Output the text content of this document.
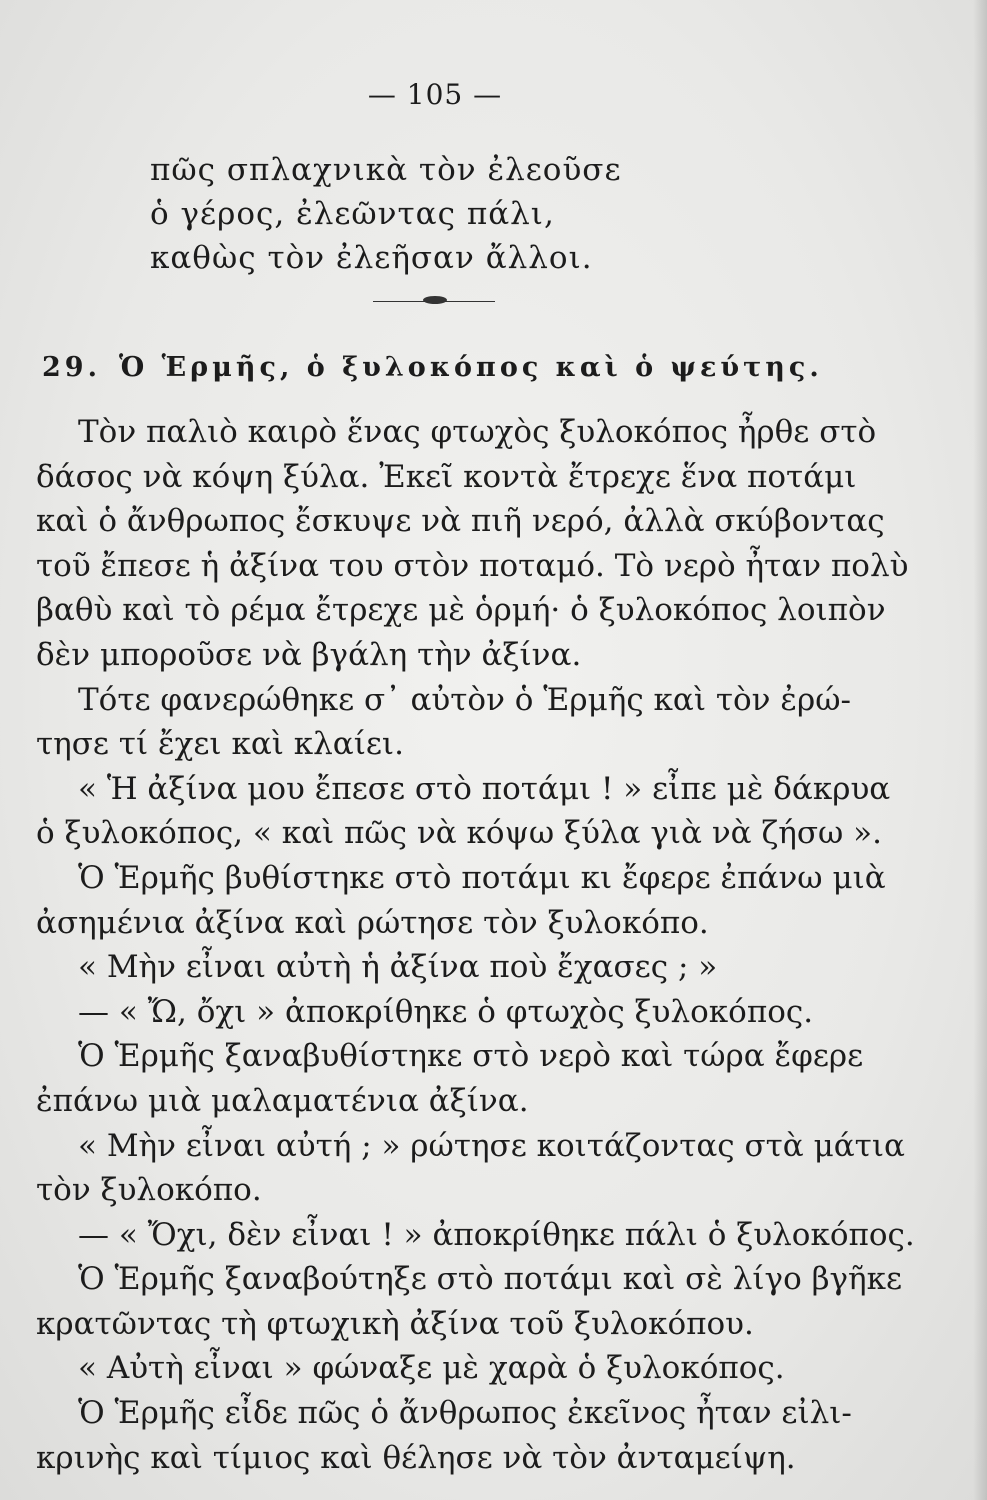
— 105 —
πῶς σπλαχνικὰ τὸν ἐλεοῦσε
ὁ γέρος, ἐλεῶντας πάλι,
καθὼς τὸν ἐλεῆσαν ἄλλοι.
29. Ὁ Ἑρμῆς, ὁ ξυλοκόπος καὶ ὁ ψεύτης.
Τὸν παλιὸ καιρὸ ἕνας φτωχὸς ξυλοκόπος ἦρθε στὸ
δάσος νὰ κόψη ξύλα. Ἐκεῖ κοντὰ ἔτρεχε ἕνα ποτάμι
καὶ ὁ ἄνθρωπος ἔσκυψε νὰ πιῆ νερό, ἀλλὰ σκύβοντας
τοῦ ἔπεσε ἡ ἀξίνα του στὸν ποταμό. Τὸ νερὸ ἦταν πολὺ
βαθὺ καὶ τὸ ρέμα ἔτρεχε μὲ ὁρμή· ὁ ξυλοκόπος λοιπὸν
δὲν μποροῦσε νὰ βγάλη τὴν ἀξίνα.
Τότε φανερώθηκε σ᾽ αὐτὸν ὁ Ἑρμῆς καὶ τὸν ἐρώ-
τησε τί ἔχει καὶ κλαίει.
« Ἡ ἀξίνα μου ἔπεσε στὸ ποτάμι ! » εἶπε μὲ δάκρυα
ὁ ξυλοκόπος, « καὶ πῶς νὰ κόψω ξύλα γιὰ νὰ ζήσω ».
Ὁ Ἑρμῆς βυθίστηκε στὸ ποτάμι κι ἔφερε ἐπάνω μιὰ
ἀσημένια ἀξίνα καὶ ρώτησε τὸν ξυλοκόπο.
« Μὴν εἶναι αὐτὴ ἡ ἀξίνα ποὺ ἔχασες ; »
— « Ὤ, ὄχι » ἀποκρίθηκε ὁ φτωχὸς ξυλοκόπος.
Ὁ Ἑρμῆς ξαναβυθίστηκε στὸ νερὸ καὶ τώρα ἔφερε
ἐπάνω μιὰ μαλαματένια ἀξίνα.
« Μὴν εἶναι αὐτή ; » ρώτησε κοιτάζοντας στὰ μάτια
τὸν ξυλοκόπο.
— « Ὄχι, δὲν εἶναι ! » ἀποκρίθηκε πάλι ὁ ξυλοκόπος.
Ὁ Ἑρμῆς ξαναβούτηξε στὸ ποτάμι καὶ σὲ λίγο βγῆκε
κρατῶντας τὴ φτωχικὴ ἀξίνα τοῦ ξυλοκόπου.
« Αὐτὴ εἶναι » φώναξε μὲ χαρὰ ὁ ξυλοκόπος.
Ὁ Ἑρμῆς εἶδε πῶς ὁ ἄνθρωπος ἐκεῖνος ἦταν εἰλι-
κρινὴς καὶ τίμιος καὶ θέλησε νὰ τὸν ἀνταμείψη.
